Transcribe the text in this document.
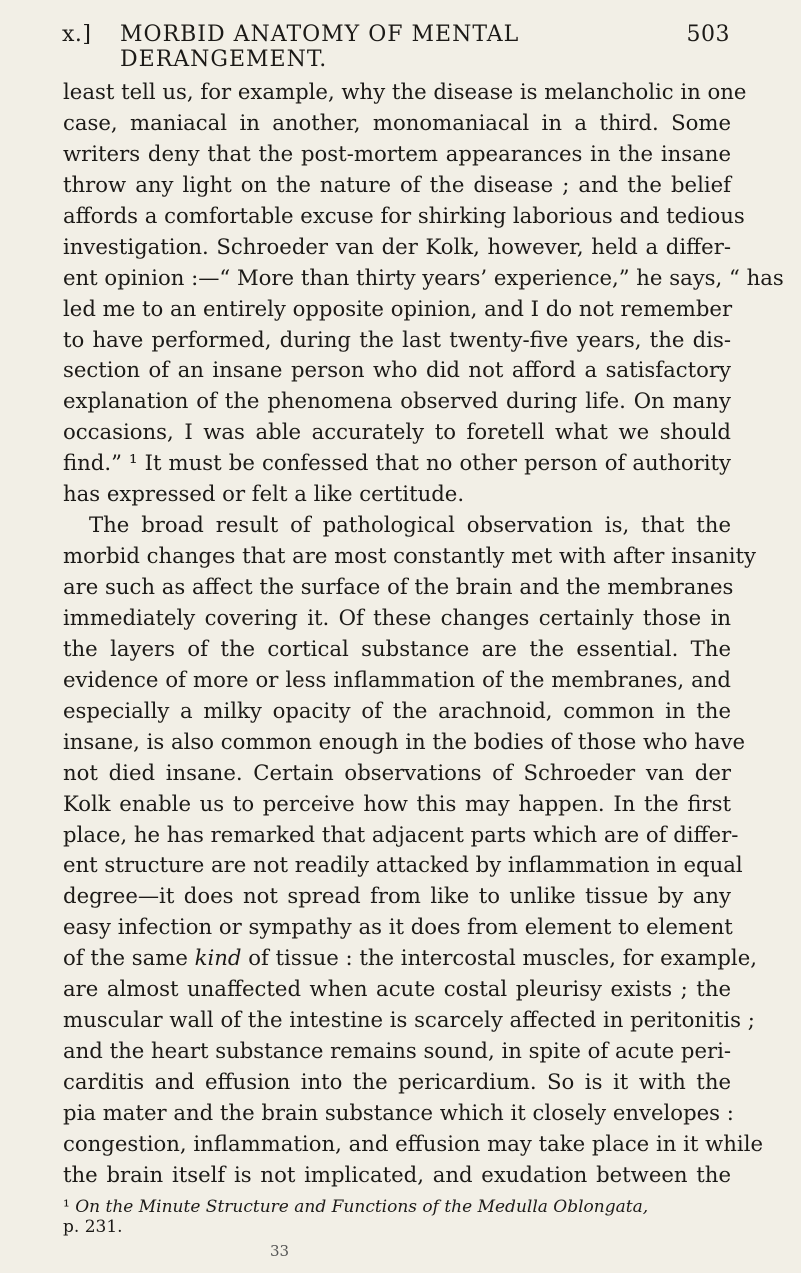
x.] MORBID ANATOMY OF MENTAL DERANGEMENT.
503
least tell us, for example, why the disease is melancholic in one
case, maniacal in another, monomaniacal in a third. Some
writers deny that the post-mortem appearances in the insane
throw any light on the nature of the disease ; and the belief
affords a comfortable excuse for shirking laborious and tedious
investigation. Schroeder van der Kolk, however, held a differ-
ent opinion :—“ More than thirty years’ experience,” he says, “ has
led me to an entirely opposite opinion, and I do not remember
to have performed, during the last twenty-five years, the dis-
section of an insane person who did not afford a satisfactory
explanation of the phenomena observed during life. On many
occasions, I was able accurately to foretell what we should
find.” ¹ It must be confessed that no other person of authority
has expressed or felt a like certitude.
The broad result of pathological observation is, that the
morbid changes that are most constantly met with after insanity
are such as affect the surface of the brain and the membranes
immediately covering it. Of these changes certainly those in
the layers of the cortical substance are the essential. The
evidence of more or less inflammation of the membranes, and
especially a milky opacity of the arachnoid, common in the
insane, is also common enough in the bodies of those who have
not died insane. Certain observations of Schroeder van der
Kolk enable us to perceive how this may happen. In the first
place, he has remarked that adjacent parts which are of differ-
ent structure are not readily attacked by inflammation in equal
degree—it does not spread from like to unlike tissue by any
easy infection or sympathy as it does from element to element
of the same kind of tissue : the intercostal muscles, for example,
are almost unaffected when acute costal pleurisy exists ; the
muscular wall of the intestine is scarcely affected in peritonitis ;
and the heart substance remains sound, in spite of acute peri-
carditis and effusion into the pericardium. So is it with the
pia mater and the brain substance which it closely envelopes :
congestion, inflammation, and effusion may take place in it while
the brain itself is not implicated, and exudation between the
¹ On the Minute Structure and Functions of the Medulla Oblongata,
p. 231.
33
